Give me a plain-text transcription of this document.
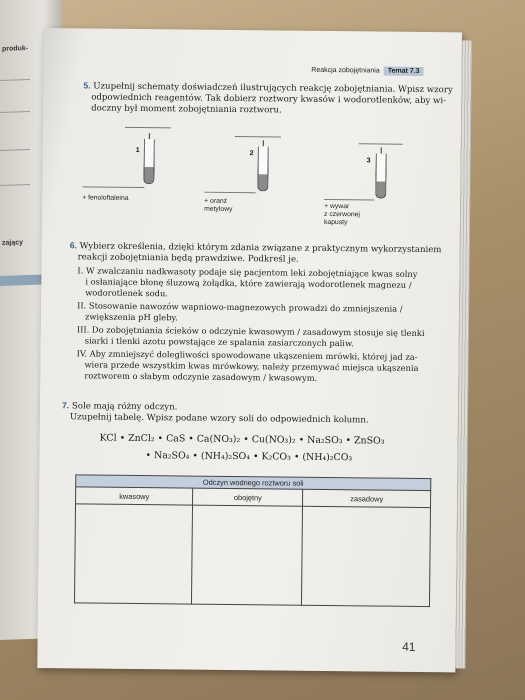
produk-
zający
Reakcja zobojętniania Temat 7.3
5. Uzupełnij schematy doświadczeń ilustrujących reakcję zobojętniania. Wpisz wzory
odpowiednich reagentów. Tak dobierz roztwory kwasów i wodorotlenków, aby wi-
doczny był moment zobojętniania roztworu.
1
+ fenoloftaleina
2
+ oranż
metylowy
3
+ wywar
z czerwonej
kapusty
6. Wybierz określenia, dzięki którym zdania związane z praktycznym wykorzystaniem
reakcji zobojętniania będą prawdziwe. Podkreśl je.
I. W zwalczaniu nadkwasoty podaje się pacjentom leki zobojętniające kwas solny
i osłaniające błonę śluzową żołądka, które zawierają wodorotlenek magnezu /
wodorotlenek sodu.
II. Stosowanie nawozów wapniowo-magnezowych prowadzi do zmniejszenia /
zwiększenia pH gleby.
III. Do zobojętniania ścieków o odczynie kwasowym / zasadowym stosuje się tlenki
siarki i tlenki azotu powstające ze spalania zasiarczonych paliw.
IV. Aby zmniejszyć dolegliwości spowodowane ukąszeniem mrówki, której jad za-
wiera przede wszystkim kwas mrówkowy, należy przemywać miejsca ukąszenia
roztworem o słabym odczynie zasadowym / kwasowym.
7. Sole mają różny odczyn.
Uzupełnij tabelę. Wpisz podane wzory soli do odpowiednich kolumn.
KCl • ZnCl₂ • CaS • Ca(NO₃)₂ • Cu(NO₃)₂ • Na₂SO₃ • ZnSO₃
• Na₂SO₄ • (NH₄)₂SO₄ • K₂CO₃ • (NH₄)₂CO₃
Odczyn wodnego roztworu soli		
kwasowy	obojętny	zasadowy

41
